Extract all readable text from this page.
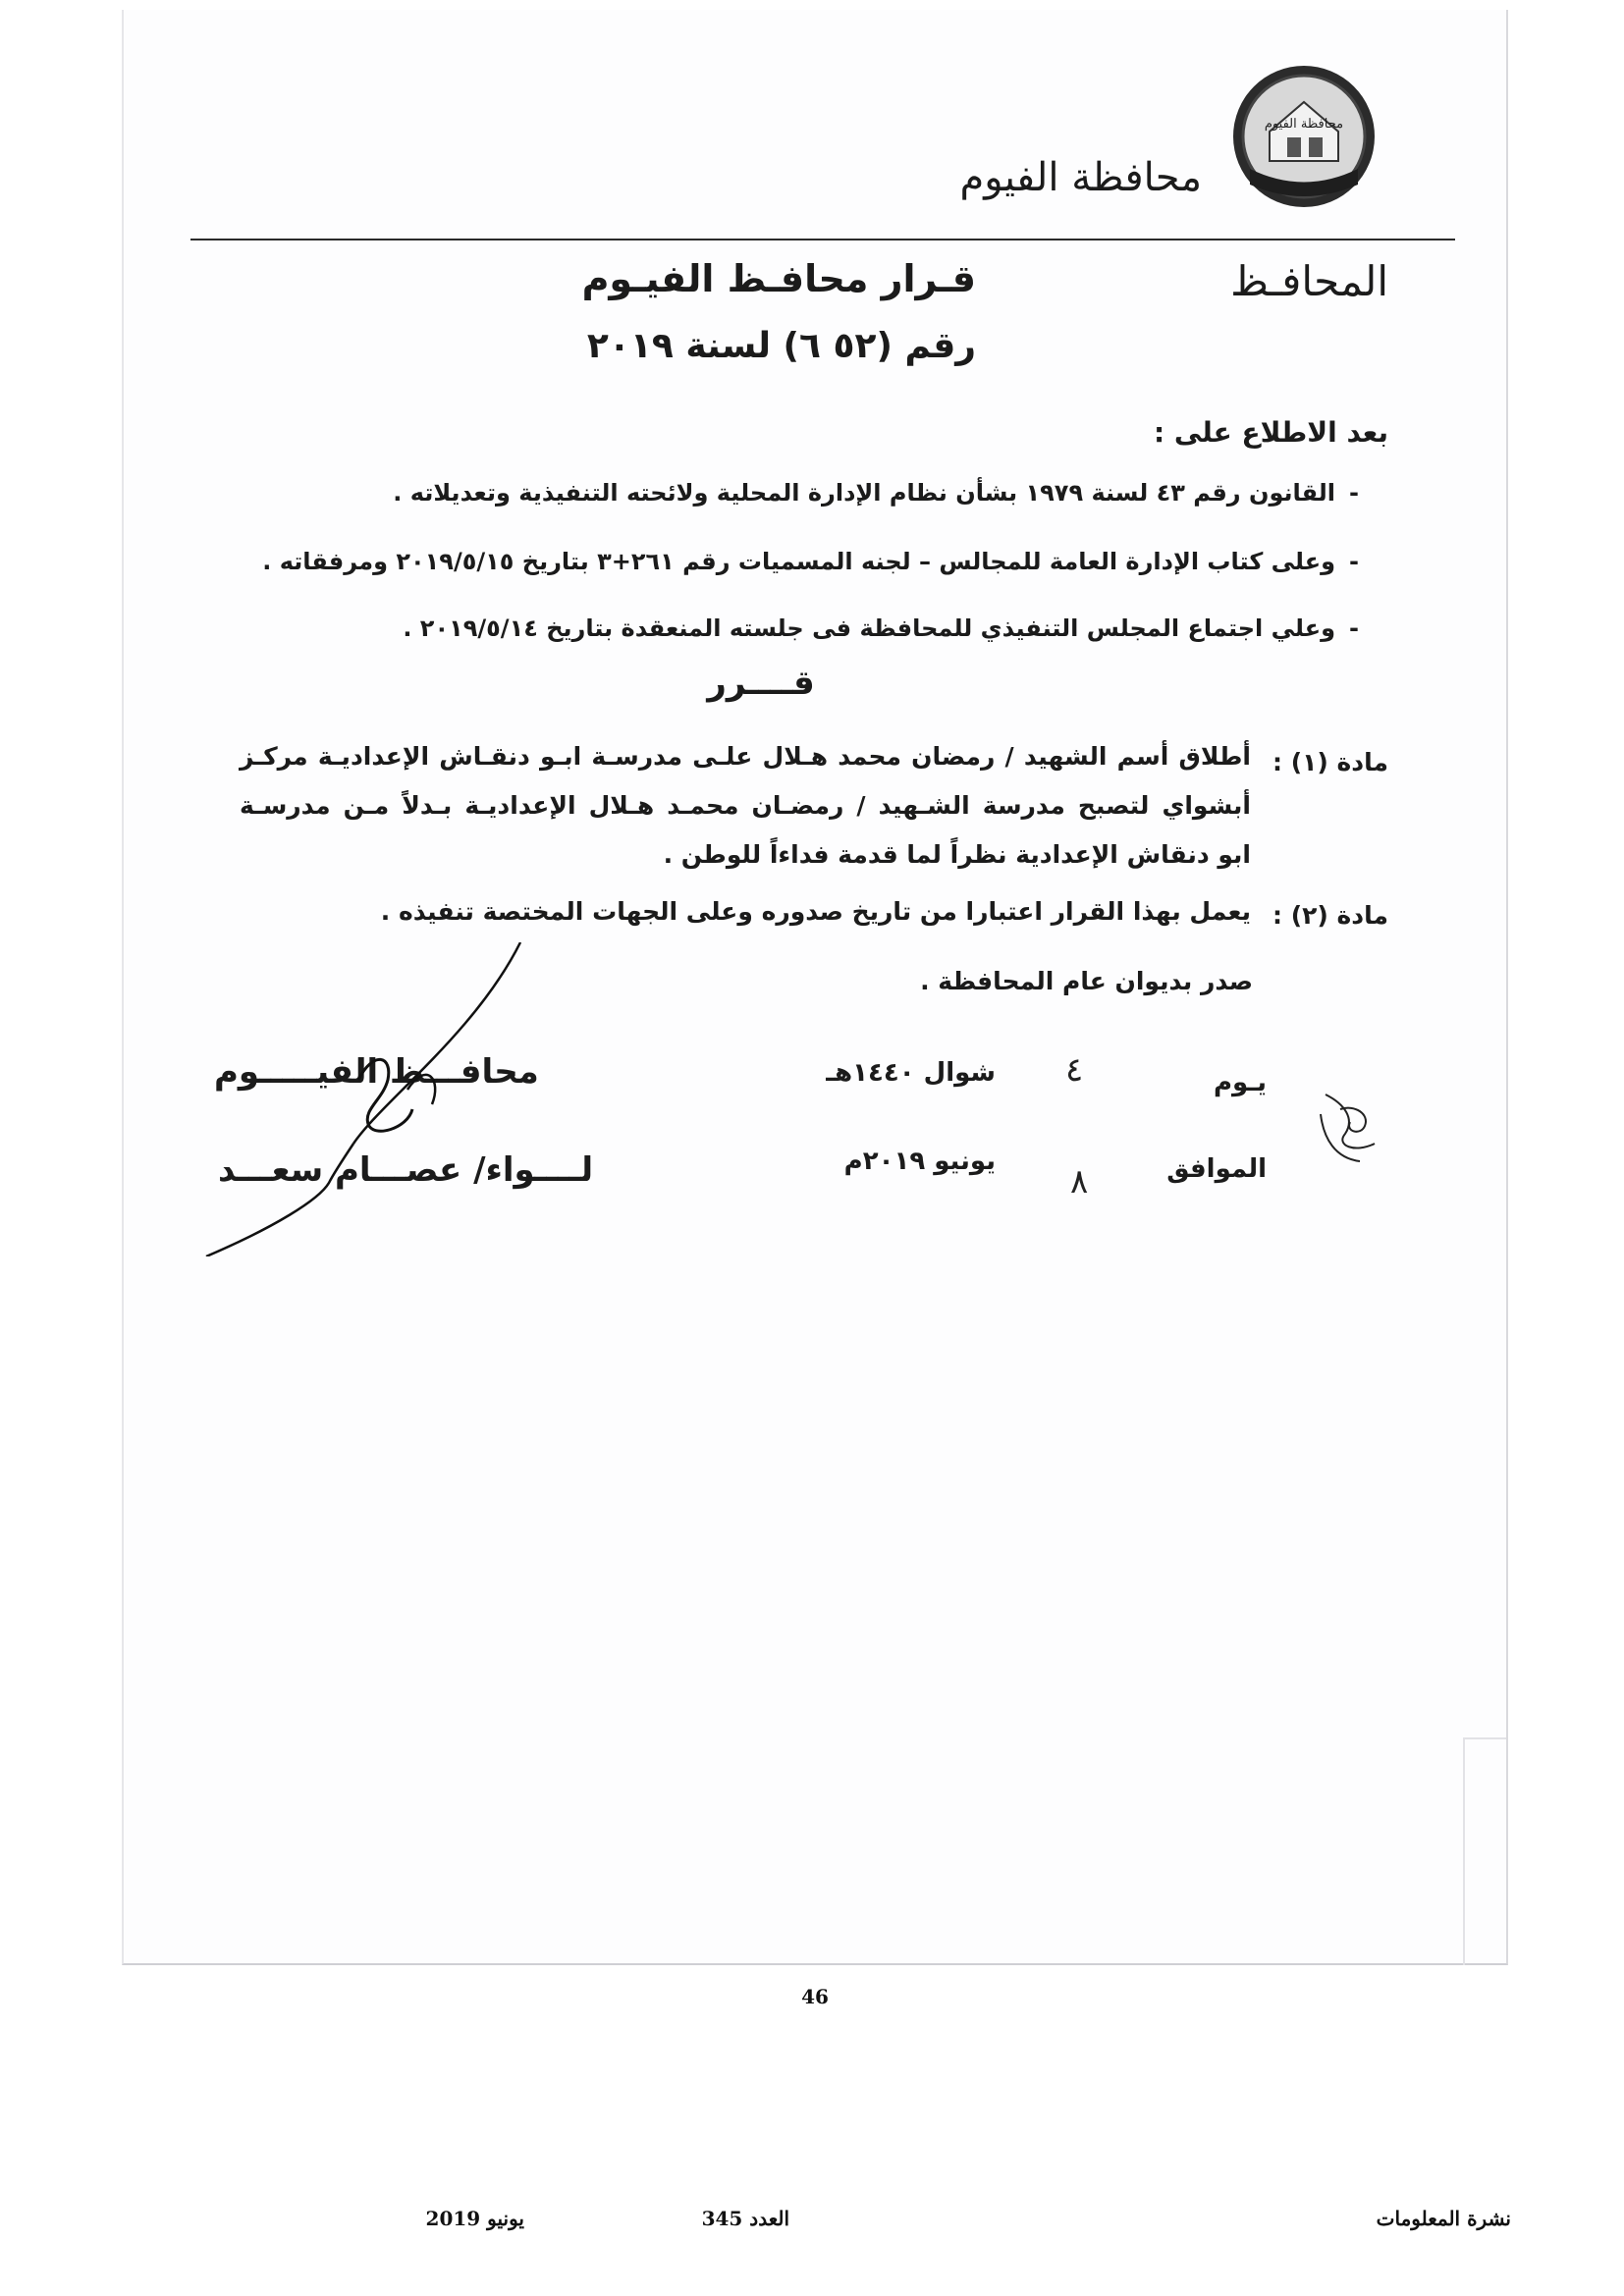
محافظة الفيوم
محافظة الفيوم
المحافـظ
قـرار محافـظ الفيـوم
رقم (٥٢ ٦) لسنة ٢٠١٩
بعد الاطلاع على :
-القانون رقم ٤٣ لسنة ١٩٧٩ بشأن نظام الإدارة المحلية ولائحته التنفيذية وتعديلاته .
-وعلى كتاب الإدارة العامة للمجالس – لجنه المسميات رقم ٢٦١+٣ بتاريخ ٢٠١٩/٥/١٥ ومرفقاته .
-وعلي اجتماع المجلس التنفيذي للمحافظة فى جلسته المنعقدة بتاريخ ٢٠١٩/٥/١٤ .
قــــرر
مادة (١) :
أطلاق أسم الشهيد / رمضان محمد هـلال علـى مدرسـة ابـو دنقـاش الإعداديـة مركـز
أبشواي لتصبح مدرسة الشـهيد / رمضـان محمـد هـلال الإعداديـة بـدلاً مـن مدرسـة
ابو دنقاش الإعدادية نظراً لما قدمة فداءاً للوطن .
مادة (٢) :
يعمل بهذا القرار اعتبارا من تاريخ صدوره وعلى الجهات المختصة تنفيذه .
صدر بديوان عام المحافظة .
يـوم
٤
شوال ١٤٤٠هـ
الموافق
٨
يونيو ٢٠١٩م
محافـــظ الفيـــــوم
لــــواء/ عصـــام سعـــد
46
نشرة المعلومات
العدد 345
يونيو 2019
